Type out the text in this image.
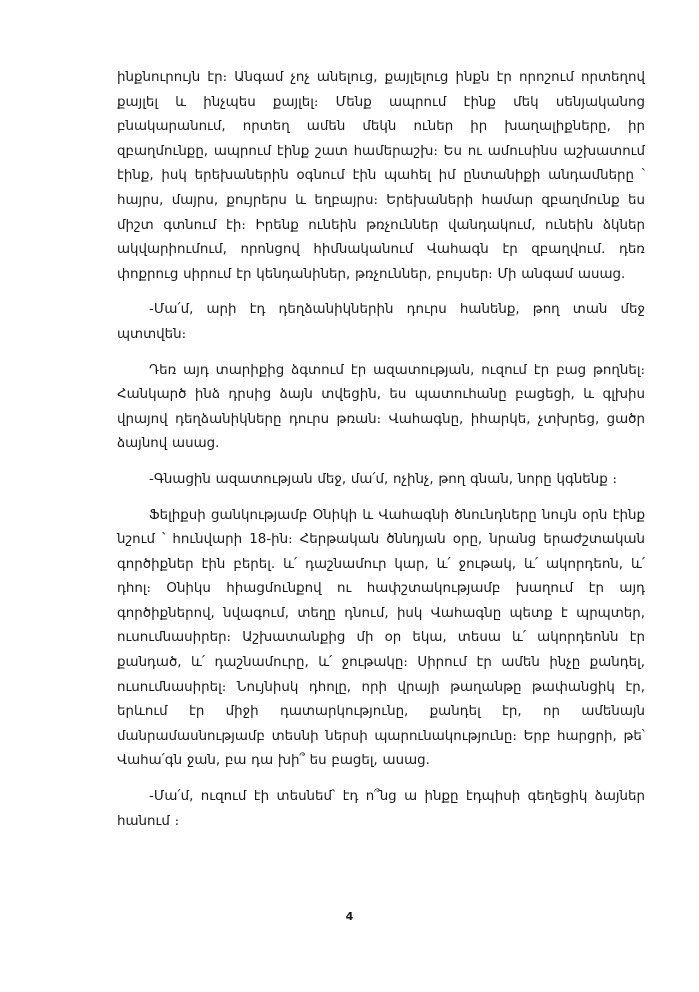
ինքնուրույն էր։ Անգամ չոչ անելուց, քայլելուց ինքն էր որոշում որտեղով քայլել և ինչպես քայլել։ Մենք ապրում էինք մեկ սենյականոց բնակարանում, որտեղ ամեն մեկն ուներ իր խաղալիքները, իր զբաղմունքը, ապրում էինք շատ համերաշխ։ Ես ու ամուսինս աշխատում էինք, իսկ երեխաներին օգնում էին պահել իմ ընտանիքի անդամները ՝ հայրս, մայրս, քույրերս և եղբայրս։ Երեխաների համար զբաղմունք ես միշտ գտնում էի։ Իրենք ունեին թռչուններ վանդակում, ունեին ձկներ ակվարիումում, որոնցով հիմնականում Վահագն էր զբաղվում. դեռ փոքրուց սիրում էր կենդանիներ, թռչուններ, բույսեր։ Մի անգամ ասաց.

-Մա՛մ, արի էդ դեղձանիկներին դուրս հանենք, թող տան մեջ պտտվեն։

Դեռ այդ տարիքից ձգտում էր ազատության, ուզում էր բաց թողնել։ Հանկարծ ինձ դրսից ձայն տվեցին, ես պատուհանը բացեցի, և գլխիս վրայով դեղձանիկները դուրս թռան։ Վահագնը, իհարկե, չտխրեց, ցածր ձայնով ասաց.

-Գնացին ազատության մեջ, մա՛մ, ոչինչ, թող գնան, նորը կգնենք ։

Ֆելիքսի ցանկությամբ Օնիկի և Վահագնի ծնունդները նույն օրն էինք նշում ՝ հունվարի 18-ին։ Հերթական ծննդյան օրը, նրանց երաժշտական գործիքներ էին բերել. և՛ դաշնամուր կար, և՛ ջութակ, և՛ ակորդեոն, և՛ դհոլ։ Օնիկս հիացմունքով ու հափշտակությամբ խաղում էր այդ գործիքներով, նվագում, տեղը դնում, իսկ Վահագնը պետք է պրպտեր, ուսումնասիրեր։ Աշխատանքից մի օր եկա, տեսա և՛ ակորդեոնն էր քանդած, և՛ դաշնամուրը, և՛ ջութակը։ Սիրում էր ամեն ինչը քանդել, ուսումնասիրել։ Նույնիսկ դհոլը, որի վրայի թաղանթը թափանցիկ էր, երևում էր միջի դատարկությունը, քանդել էր, որ ամենայն մանրամասնությամբ տեսնի ներսի պարունակությունը։ Երբ հարցրի, թե՝ Վահա՛գն ջան, բա դա խի՞ ես բացել, ասաց.

-Մա՛մ, ուզում էի տեսնեմ՝ էդ ո՞նց ա ինքը էդպիսի գեղեցիկ ձայներ հանում ։

4
